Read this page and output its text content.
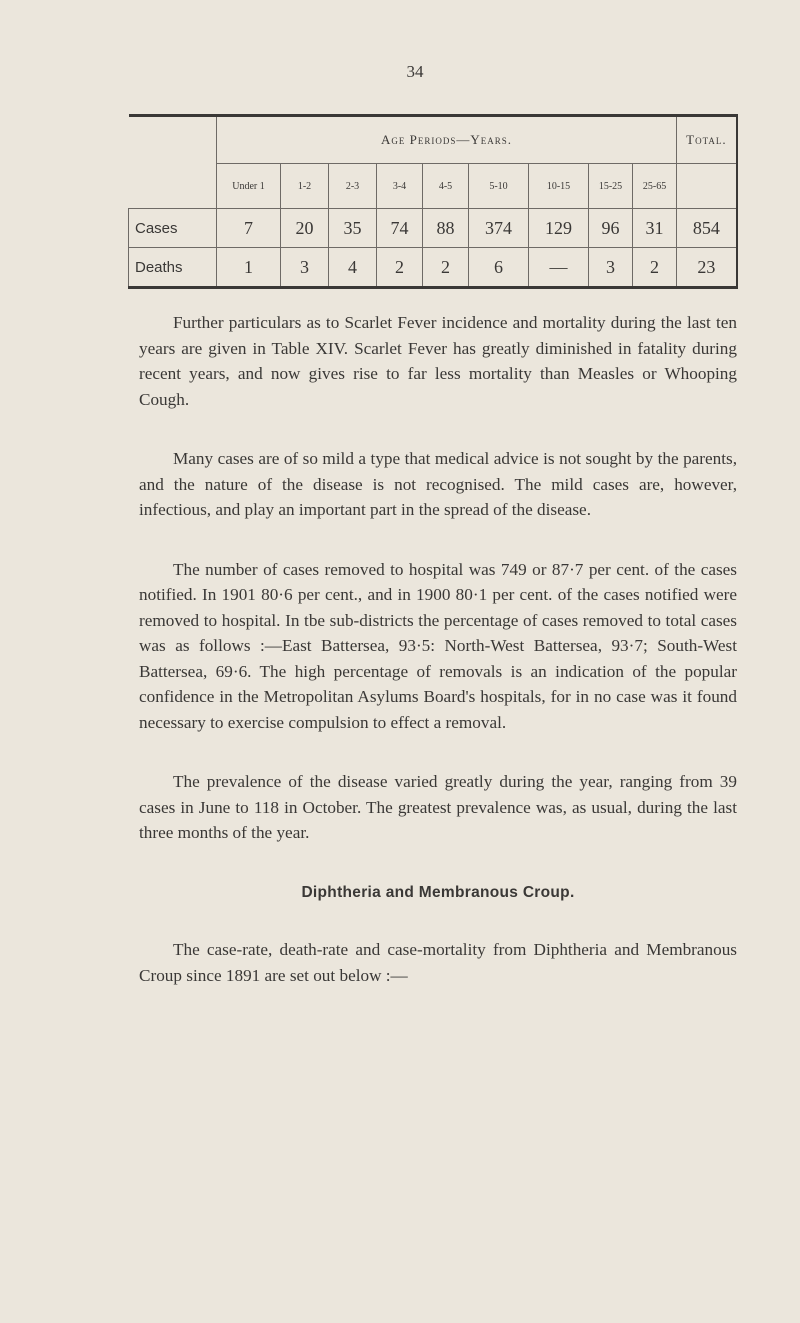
34
	Age Periods—Years.									Total.
	Under 1	1-2	2-3	3-4	4-5	5-10	10-15	15-25	25-65	
Cases	7	20	35	74	88	374	129	96	31	854
Deaths	1	3	4	2	2	6	—	3	2	23

Further particulars as to Scarlet Fever incidence and mortality during the last ten years are given in Table XIV. Scarlet Fever has greatly diminished in fatality during recent years, and now gives rise to far less mortality than Measles or Whooping Cough.

Many cases are of so mild a type that medical advice is not sought by the parents, and the nature of the disease is not recognised. The mild cases are, however, infectious, and play an important part in the spread of the disease.

The number of cases removed to hospital was 749 or 87·7 per cent. of the cases notified. In 1901 80·6 per cent., and in 1900 80·1 per cent. of the cases notified were removed to hospital. In tbe sub-districts the percentage of cases removed to total cases was as follows :—East Battersea, 93·5: North-West Battersea, 93·7; South-West Battersea, 69·6. The high percentage of removals is an indication of the popular confidence in the Metropolitan Asylums Board's hospitals, for in no case was it found necessary to exercise compulsion to effect a removal.

The prevalence of the disease varied greatly during the year, ranging from 39 cases in June to 118 in October. The greatest prevalence was, as usual, during the last three months of the year.

Diphtheria and Membranous Croup.

The case-rate, death-rate and case-mortality from Diphtheria and Membranous Croup since 1891 are set out below :—
